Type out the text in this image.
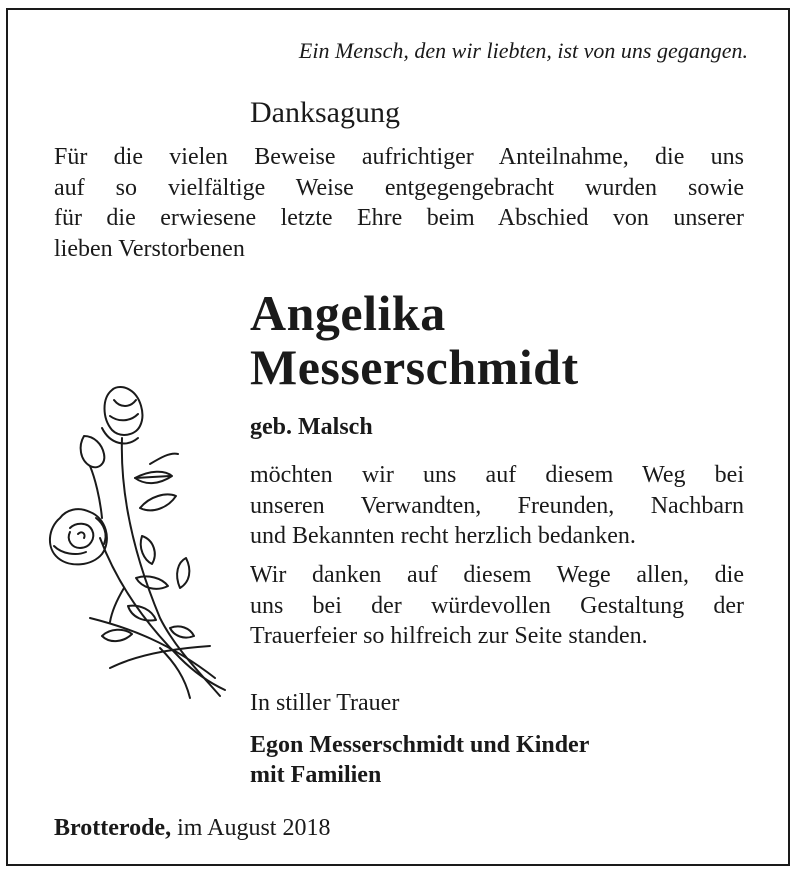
Ein Mensch, den wir liebten, ist von uns gegangen.
Danksagung
Für die vielen Beweise aufrichtiger Anteilnahme, die uns
auf so vielfältige Weise entgegengebracht wurden sowie
für die erwiesene letzte Ehre beim Abschied von unserer
lieben Verstorbenen
Angelika
Messerschmidt
geb. Malsch
möchten wir uns auf diesem Weg bei
unseren Verwandten, Freunden, Nachbarn
und Bekannten recht herzlich bedanken.
Wir danken auf diesem Wege allen, die
uns bei der würdevollen Gestaltung der
Trauerfeier so hilfreich zur Seite standen.
In stiller Trauer
Egon Messerschmidt und Kinder
mit Familien
Brotterode, im August 2018
